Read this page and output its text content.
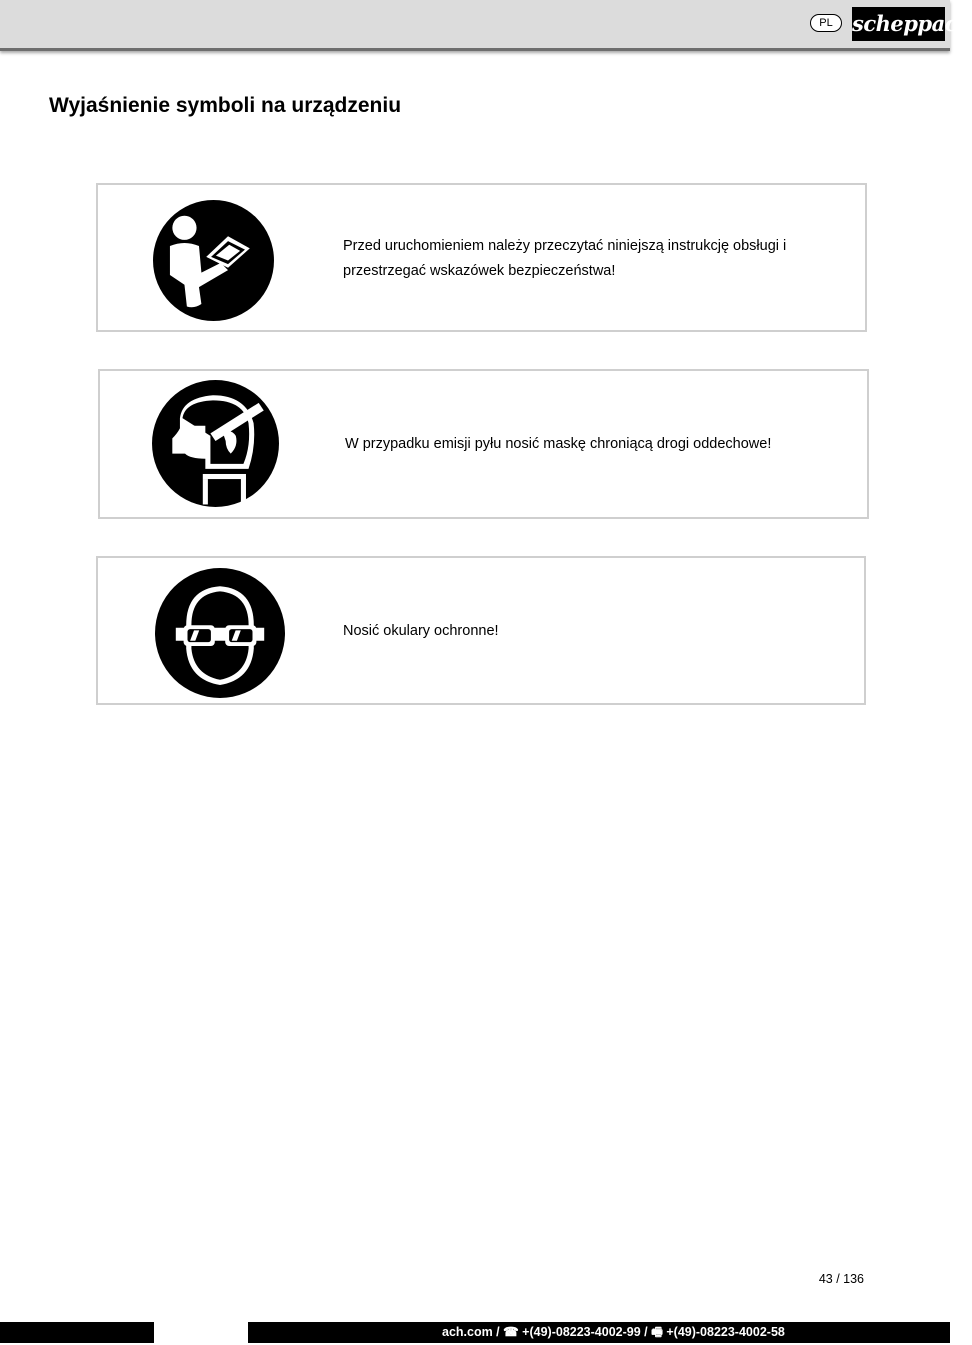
PL scheppach
Wyjaśnienie symboli na urządzeniu

Przed uruchomieniem należy przeczytać niniejszą instrukcję obsługi i przestrzegać wskazówek bezpieczeństwa!

W przypadku emisji pyłu nosić maskę chroniącą drogi oddechowe!

Nosić okulary ochronne!

43 / 136
ach.com / ☎ +(49)-08223-4002-99 / 🖷 +(49)-08223-4002-58
